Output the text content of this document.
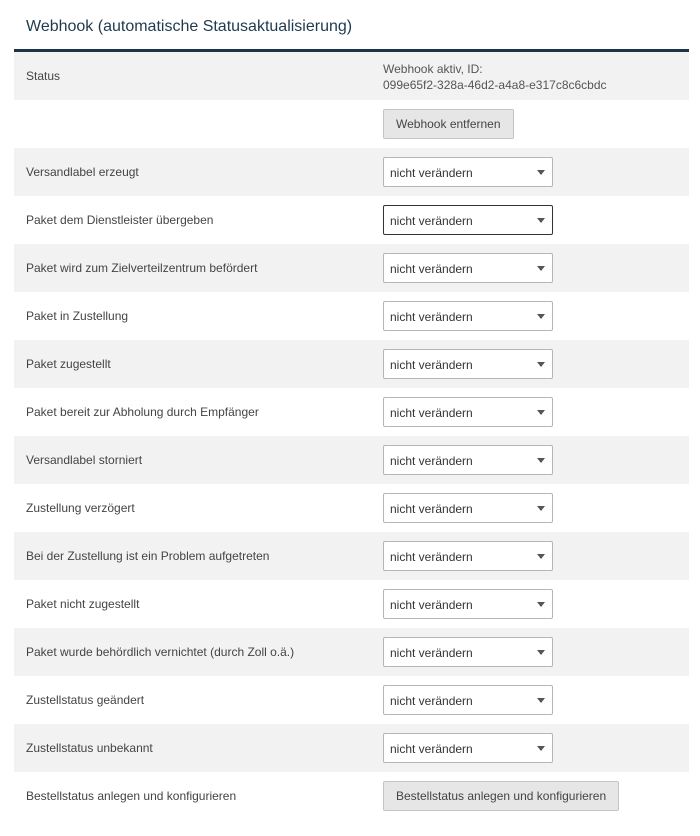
Webhook (automatische Statusaktualisierung)
Status	Webhook aktiv, ID:
099e65f2-328a-46d2-a4a8-e317c8c6cbdc
Webhook entfernen
Versandlabel erzeugt	nicht verändern
Paket dem Dienstleister übergeben	nicht verändern
Paket wird zum Zielverteilzentrum befördert	nicht verändern
Paket in Zustellung	nicht verändern
Paket zugestellt	nicht verändern
Paket bereit zur Abholung durch Empfänger	nicht verändern
Versandlabel storniert	nicht verändern
Zustellung verzögert	nicht verändern
Bei der Zustellung ist ein Problem aufgetreten	nicht verändern
Paket nicht zugestellt	nicht verändern
Paket wurde behördlich vernichtet (durch Zoll o.ä.)	nicht verändern
Zustellstatus geändert	nicht verändern
Zustellstatus unbekannt	nicht verändern
Bestellstatus anlegen und konfigurieren	Bestellstatus anlegen und konfigurieren
